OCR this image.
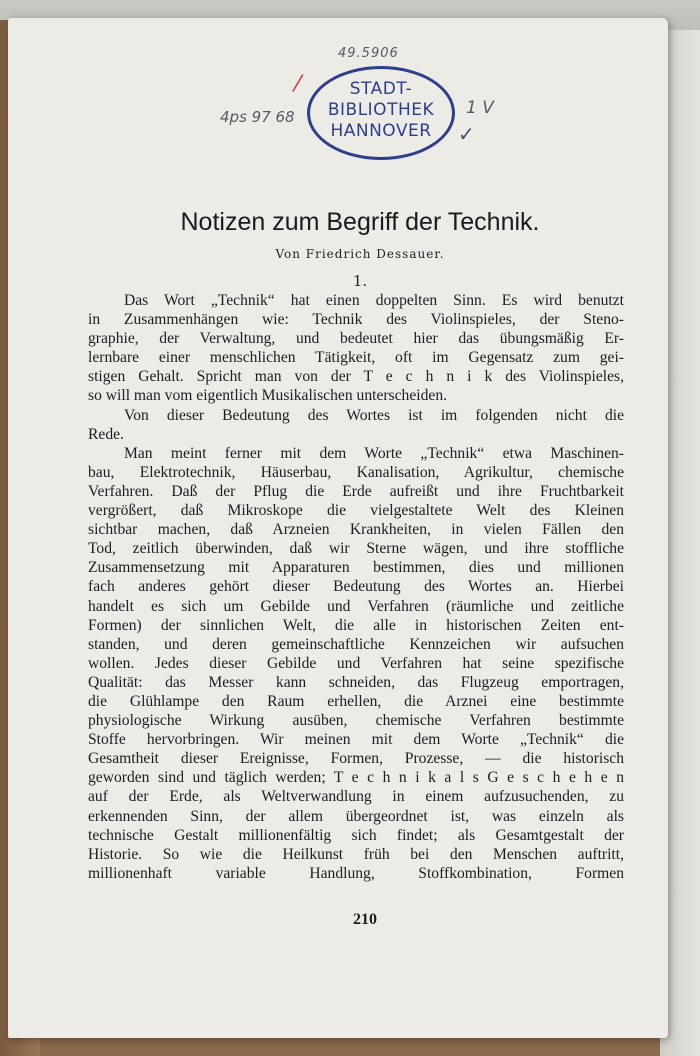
49.5906
4ps 97 68	1 V
✓
⁄	STADT-
BIBLIOTHEK
HANNOVER
Notizen zum Begriff der Technik.
Von Friedrich Dessauer.
1.
Das Wort „Technik“ hat einen doppelten Sinn. Es wird benutzt
in Zusammenhängen wie: Technik des Violinspieles, der Steno-
graphie, der Verwaltung, und bedeutet hier das übungsmäßig Er-
lernbare einer menschlichen Tätigkeit, oft im Gegensatz zum gei-
stigen Gehalt. Spricht man von der T e c h n i k des Violinspieles,
so will man vom eigentlich Musikalischen unterscheiden.
Von dieser Bedeutung des Wortes ist im folgenden nicht die
Rede.
Man meint ferner mit dem Worte „Technik“ etwa Maschinen-
bau, Elektrotechnik, Häuserbau, Kanalisation, Agrikultur, chemische
Verfahren. Daß der Pflug die Erde aufreißt und ihre Fruchtbarkeit
vergrößert, daß Mikroskope die vielgestaltete Welt des Kleinen
sichtbar machen, daß Arzneien Krankheiten, in vielen Fällen den
Tod, zeitlich überwinden, daß wir Sterne wägen, und ihre stoffliche
Zusammensetzung mit Apparaturen bestimmen, dies und millionen
fach anderes gehört dieser Bedeutung des Wortes an. Hierbei
handelt es sich um Gebilde und Verfahren (räumliche und zeitliche
Formen) der sinnlichen Welt, die alle in historischen Zeiten ent-
standen, und deren gemeinschaftliche Kennzeichen wir aufsuchen
wollen. Jedes dieser Gebilde und Verfahren hat seine spezifische
Qualität: das Messer kann schneiden, das Flugzeug emportragen,
die Glühlampe den Raum erhellen, die Arznei eine bestimmte
physiologische Wirkung ausüben, chemische Verfahren bestimmte
Stoffe hervorbringen. Wir meinen mit dem Worte „Technik“ die
Gesamtheit dieser Ereignisse, Formen, Prozesse, — die historisch
geworden sind und täglich werden; T e c h n i k a l s G e s c h e h e n
auf der Erde, als Weltverwandlung in einem aufzusuchenden, zu
erkennenden Sinn, der allem übergeordnet ist, was einzeln als
technische Gestalt millionenfältig sich findet; als Gesamtgestalt der
Historie. So wie die Heilkunst früh bei den Menschen auftritt,
millionenhaft variable Handlung, Stoffkombination, Formen
210
